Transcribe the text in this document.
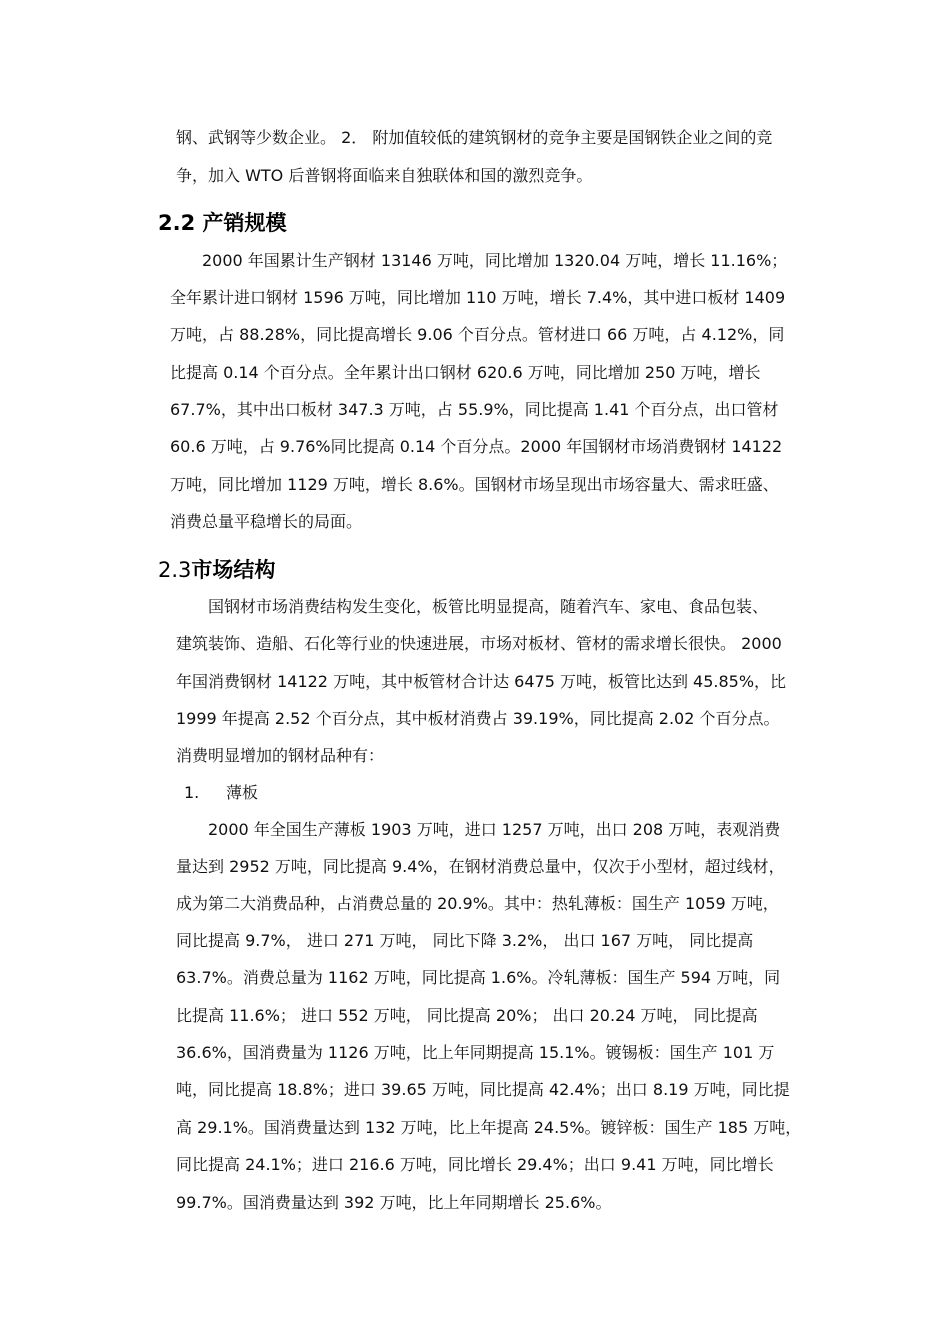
钢、武钢等少数企业。 2． 附加值较低的建筑钢材的竞争主要是国钢铁企业之间的竞
争，加入 WTO 后普钢将面临来自独联体和国的激烈竞争。
2.2 产销规模
2000 年国累计生产钢材 13146 万吨，同比增加 1320.04 万吨，增长 11.16%；
全年累计进口钢材 1596 万吨，同比增加 110 万吨，增长 7.4%，其中进口板材 1409
万吨，占 88.28%，同比提高增长 9.06 个百分点。管材进口 66 万吨，占 4.12%，同
比提高 0.14 个百分点。全年累计出口钢材 620.6 万吨，同比增加 250 万吨，增长
67.7%，其中出口板材 347.3 万吨，占 55.9%，同比提高 1.41 个百分点，出口管材
60.6 万吨，占 9.76%同比提高 0.14 个百分点。2000 年国钢材市场消费钢材 14122
万吨，同比增加 1129 万吨，增长 8.6%。国钢材市场呈现出市场容量大、需求旺盛、
消费总量平稳增长的局面。
2.3市场结构
国钢材市场消费结构发生变化，板管比明显提高，随着汽车、家电、食品包装、
建筑装饰、造船、石化等行业的快速进展，市场对板材、管材的需求增长很快。 2000
年国消费钢材 14122 万吨，其中板管材合计达 6475 万吨，板管比达到 45.85%，比
1999 年提高 2.52 个百分点，其中板材消费占 39.19%，同比提高 2.02 个百分点。
消费明显增加的钢材品种有：
1. 薄板
2000 年全国生产薄板 1903 万吨，进口 1257 万吨，出口 208 万吨，表观消费
量达到 2952 万吨，同比提高 9.4%，在钢材消费总量中，仅次于小型材，超过线材，
成为第二大消费品种，占消费总量的 20.9%。其中：热轧薄板：国生产 1059 万吨，
同比提高 9.7%， 进口 271 万吨， 同比下降 3.2%， 出口 167 万吨， 同比提高
63.7%。消费总量为 1162 万吨，同比提高 1.6%。冷轧薄板：国生产 594 万吨，同
比提高 11.6%； 进口 552 万吨， 同比提高 20%； 出口 20.24 万吨， 同比提高
36.6%，国消费量为 1126 万吨，比上年同期提高 15.1%。镀锡板：国生产 101 万
吨，同比提高 18.8%；进口 39.65 万吨，同比提高 42.4%；出口 8.19 万吨，同比提
高 29.1%。国消费量达到 132 万吨，比上年提高 24.5%。镀锌板：国生产 185 万吨，
同比提高 24.1%；进口 216.6 万吨，同比增长 29.4%；出口 9.41 万吨，同比增长
99.7%。国消费量达到 392 万吨，比上年同期增长 25.6%。
